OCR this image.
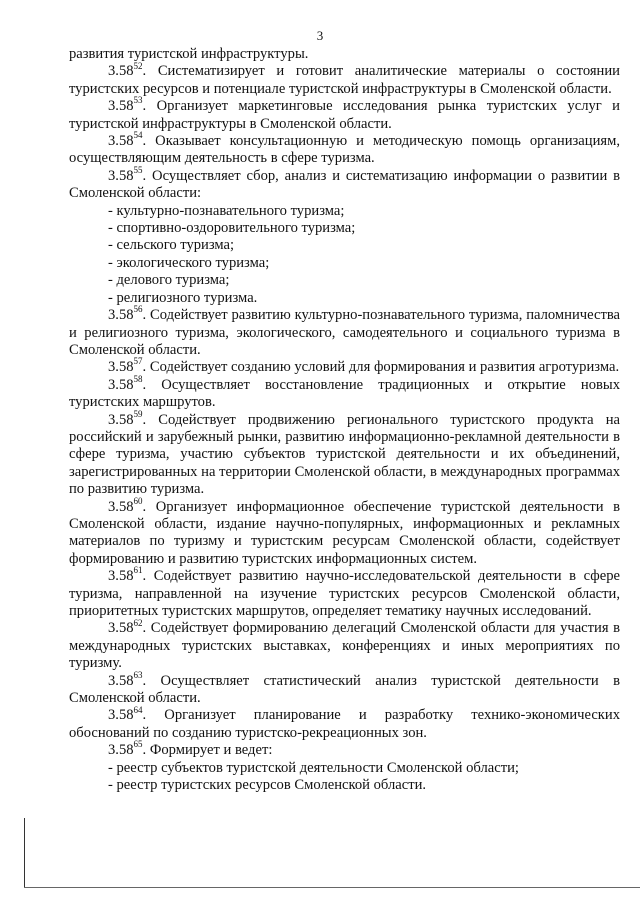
3

развития туристской инфраструктуры.

3.58$^{52}$. Систематизирует и готовит аналитические материалы о состоянии туристских ресурсов и потенциале туристской инфраструктуры в Смоленской области.

3.58$^{53}$. Организует маркетинговые исследования рынка туристских услуг и туристской инфраструктуры в Смоленской области.

3.58$^{54}$. Оказывает консультационную и методическую помощь организациям, осуществляющим деятельность в сфере туризма.

3.58$^{55}$. Осуществляет сбор, анализ и систематизацию информации о развитии в Смоленской области:

- культурно-познавательного туризма;

- спортивно-оздоровительного туризма;

- сельского туризма;

- экологического туризма;

- делового туризма;

- религиозного туризма.

3.58$^{56}$. Содействует развитию культурно-познавательного туризма, паломничества и религиозного туризма, экологического, самодеятельного и социального туризма в Смоленской области.

3.58$^{57}$. Содействует созданию условий для формирования и развития агротуризма.

3.58$^{58}$. Осуществляет восстановление традиционных и открытие новых туристских маршрутов.

3.58$^{59}$. Содействует продвижению регионального туристского продукта на российский и зарубежный рынки, развитию информационно-рекламной деятельности в сфере туризма, участию субъектов туристской деятельности и их объединений, зарегистрированных на территории Смоленской области, в международных программах по развитию туризма.

3.58$^{60}$. Организует информационное обеспечение туристской деятельности в Смоленской области, издание научно-популярных, информационных и рекламных материалов по туризму и туристским ресурсам Смоленской области, содействует формированию и развитию туристских информационных систем.

3.58$^{61}$. Содействует развитию научно-исследовательской деятельности в сфере туризма, направленной на изучение туристских ресурсов Смоленской области, приоритетных туристских маршрутов, определяет тематику научных исследований.

3.58$^{62}$. Содействует формированию делегаций Смоленской области для участия в международных туристских выставках, конференциях и иных мероприятиях по туризму.

3.58$^{63}$. Осуществляет статистический анализ туристской деятельности в Смоленской области.

3.58$^{64}$. Организует планирование и разработку технико-экономических обоснований по созданию туристско-рекреационных зон.

3.58$^{65}$. Формирует и ведет:

- реестр субъектов туристской деятельности Смоленской области;

- реестр туристских ресурсов Смоленской области.
